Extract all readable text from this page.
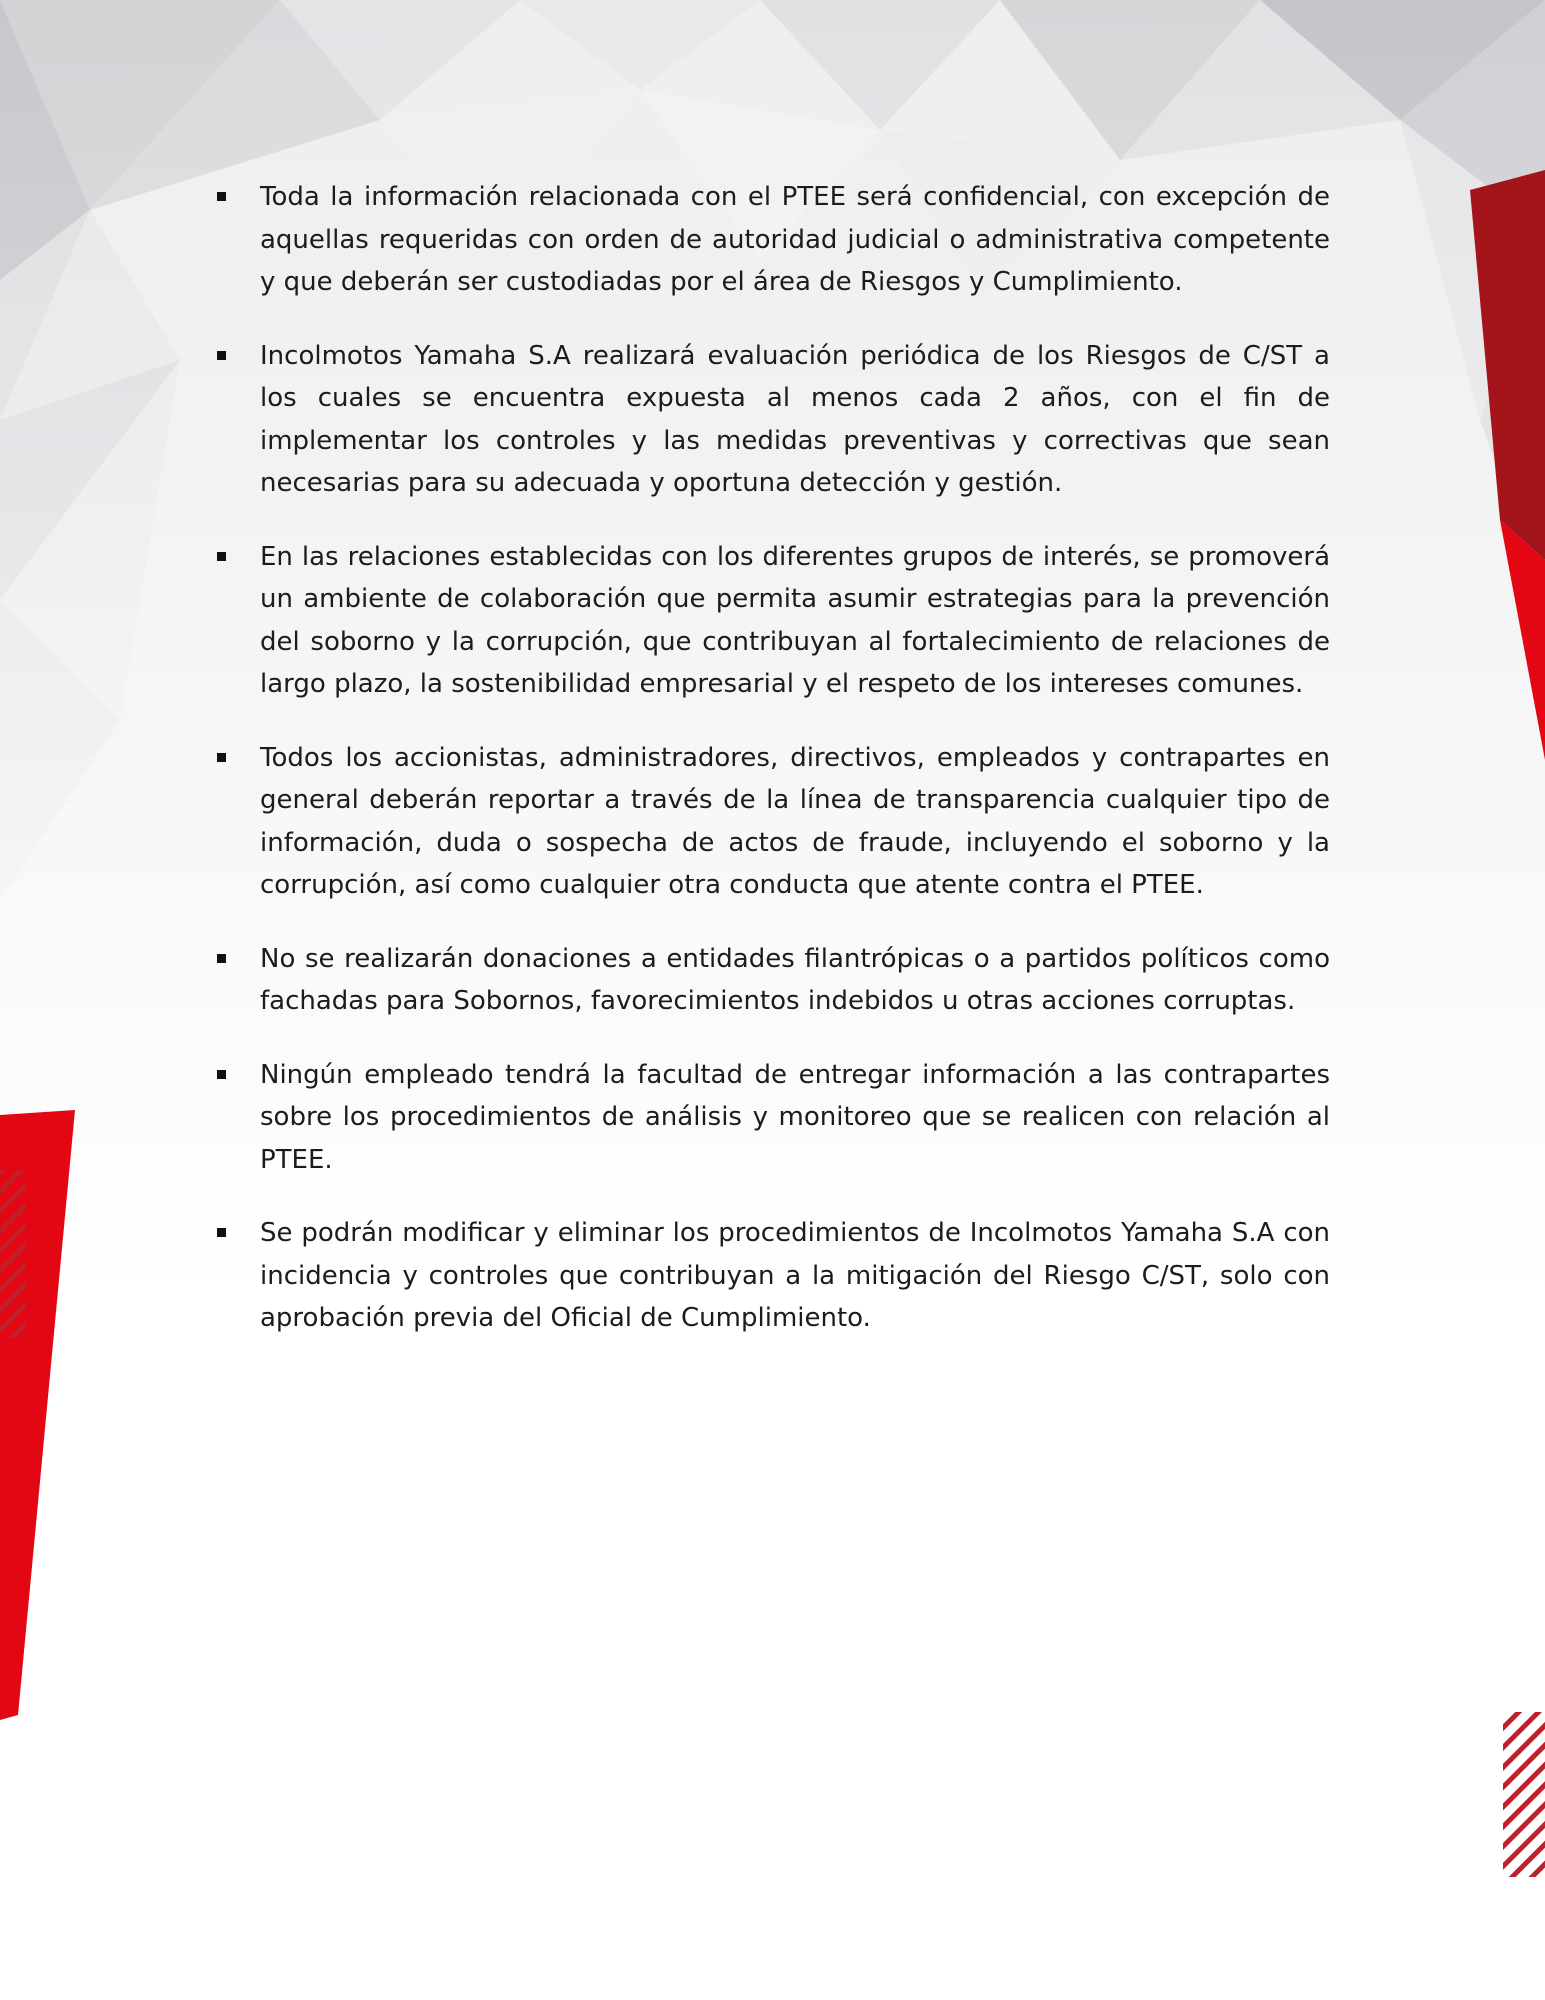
Toda la información relacionada con el PTEE será confidencial, con excepción de aquellas requeridas con orden de autoridad judicial o administrativa competente y que deberán ser custodiadas por el área de Riesgos y Cumplimiento.
Incolmotos Yamaha S.A realizará evaluación periódica de los Riesgos de C/ST a los cuales se encuentra expuesta al menos cada 2 años, con el fin de implementar los controles y las medidas preventivas y correctivas que sean necesarias para su adecuada y oportuna detección y gestión.
En las relaciones establecidas con los diferentes grupos de interés, se promoverá un ambiente de colaboración que permita asumir estrategias para la prevención del soborno y la corrupción, que contribuyan al fortalecimiento de relaciones de largo plazo, la sostenibilidad empresarial y el respeto de los intereses comunes.
Todos los accionistas, administradores, directivos, empleados y contrapartes en general deberán reportar a través de la línea de transparencia cualquier tipo de información, duda o sospecha de actos de fraude, incluyendo el soborno y la corrupción, así como cualquier otra conducta que atente contra el PTEE.
No se realizarán donaciones a entidades filantrópicas o a partidos políticos como fachadas para Sobornos, favorecimientos indebidos u otras acciones corruptas.
Ningún empleado tendrá la facultad de entregar información a las contrapartes sobre los procedimientos de análisis y monitoreo que se realicen con relación al PTEE.
Se podrán modificar y eliminar los procedimientos de Incolmotos Yamaha S.A con incidencia y controles que contribuyan a la mitigación del Riesgo C/ST, solo con aprobación previa del Oficial de Cumplimiento.
